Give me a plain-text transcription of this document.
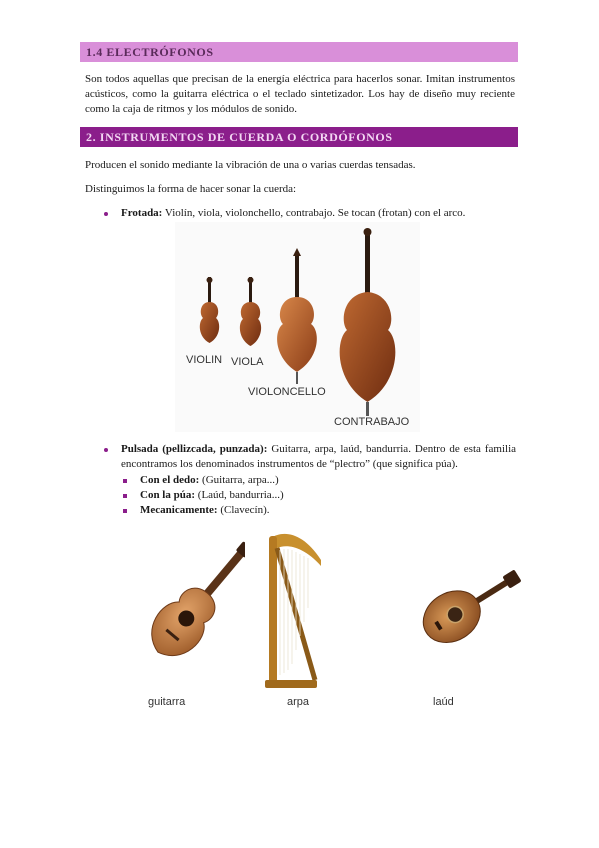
1.4 ELECTRÓFONOS
Son todos aquellas que precisan de la energía eléctrica para hacerlos sonar. Imitan instrumentos acústicos, como la guitarra eléctrica o el teclado sintetizador. Los hay de diseño muy reciente como la caja de ritmos y los módulos de sonido.
2. INSTRUMENTOS DE CUERDA O CORDÓFONOS
Producen el sonido mediante la vibración de una o varias cuerdas tensadas.
Distinguimos la forma de hacer sonar la cuerda:
Frotada: Violín, viola, violonchello, contrabajo. Se tocan (frotan) con el arco.
VIOLIN VIOLA
VIOLONCELLO
CONTRABAJO
Pulsada (pellizcada, punzada): Guitarra, arpa, laúd, bandurria. Dentro de esta familia encontramos los denominados instrumentos de “plectro” (que significa púa).
Con el dedo: (Guitarra, arpa...)
Con la púa: (Laúd, bandurria...)
Mecanicamente: (Clavecín).
guitarra	arpa	laúd
